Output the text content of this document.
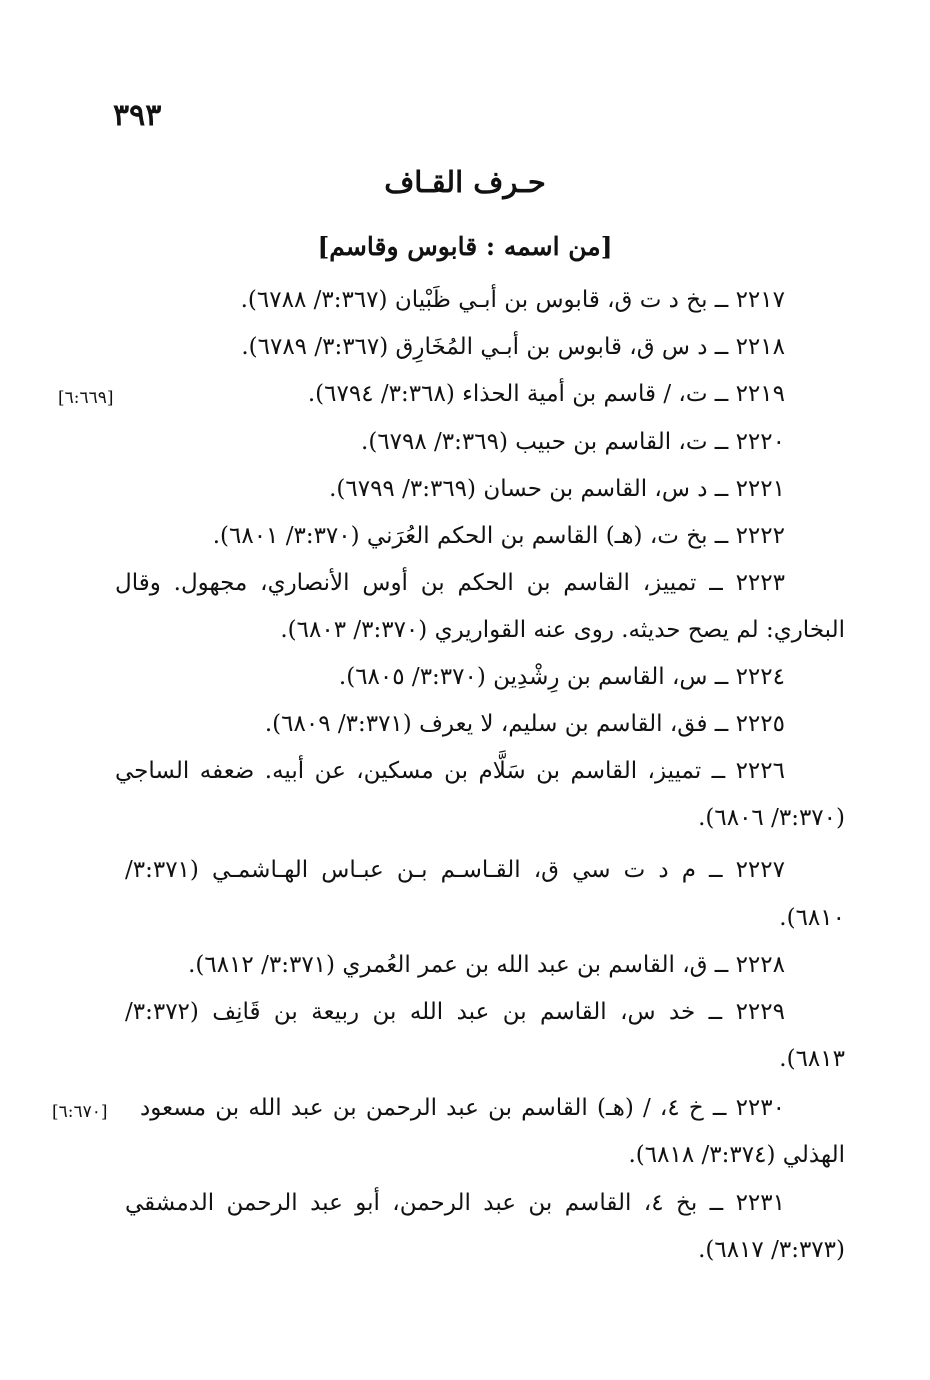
٣٩٣
حـرف القـاف
[من اسمه : قابوس وقاسم]
٢٢١٧ ــ بخ د ت ق، قابوس بن أبـي ظَبْيان (٣:٣٦٧/ ٦٧٨٨).
٢٢١٨ ــ د س ق، قابوس بن أبـي المُخَارِق (٣:٣٦٧/ ٦٧٨٩).
٢٢١٩ ــ ت، / قاسم بن أمية الحذاء (٣:٣٦٨/ ٦٧٩٤).
[٦:٦٦٩]
٢٢٢٠ ــ ت، القاسم بن حبيب (٣:٣٦٩/ ٦٧٩٨).
٢٢٢١ ــ د س، القاسم بن حسان (٣:٣٦٩/ ٦٧٩٩).
٢٢٢٢ ــ بخ ت، (هـ) القاسم بن الحكم العُرَني (٣:٣٧٠/ ٦٨٠١).
٢٢٢٣ ــ تمييز، القاسم بن الحكم بن أوس الأنصاري، مجهول. وقال
البخاري: لم يصح حديثه. روى عنه القواريري (٣:٣٧٠/ ٦٨٠٣).
٢٢٢٤ ــ س، القاسم بن رِشْدِين (٣:٣٧٠/ ٦٨٠٥).
٢٢٢٥ ــ فق، القاسم بن سليم، لا يعرف (٣:٣٧١/ ٦٨٠٩).
٢٢٢٦ ــ تمييز، القاسم بن سَلَّام بن مسكين، عن أبيه. ضعفه الساجي
(٣:٣٧٠/ ٦٨٠٦).
٢٢٢٧ ــ م د ت سي ق، القـاسـم بـن عبـاس الهـاشمـي (٣:٣٧١/
٦٨١٠).
٢٢٢٨ ــ ق، القاسم بن عبد الله بن عمر العُمري (٣:٣٧١/ ٦٨١٢).
٢٢٢٩ ــ خد س، القاسم بن عبد الله بن ربيعة بن قَانِف (٣:٣٧٢/
٦٨١٣).
٢٢٣٠ ــ خ ٤، / (هـ) القاسم بن عبد الرحمن بن عبد الله بن مسعود
[٦:٦٧٠]
الهذلي (٣:٣٧٤/ ٦٨١٨).
٢٢٣١ ــ بخ ٤، القاسم بن عبد الرحمن، أبو عبد الرحمن الدمشقي
(٣:٣٧٣/ ٦٨١٧).
